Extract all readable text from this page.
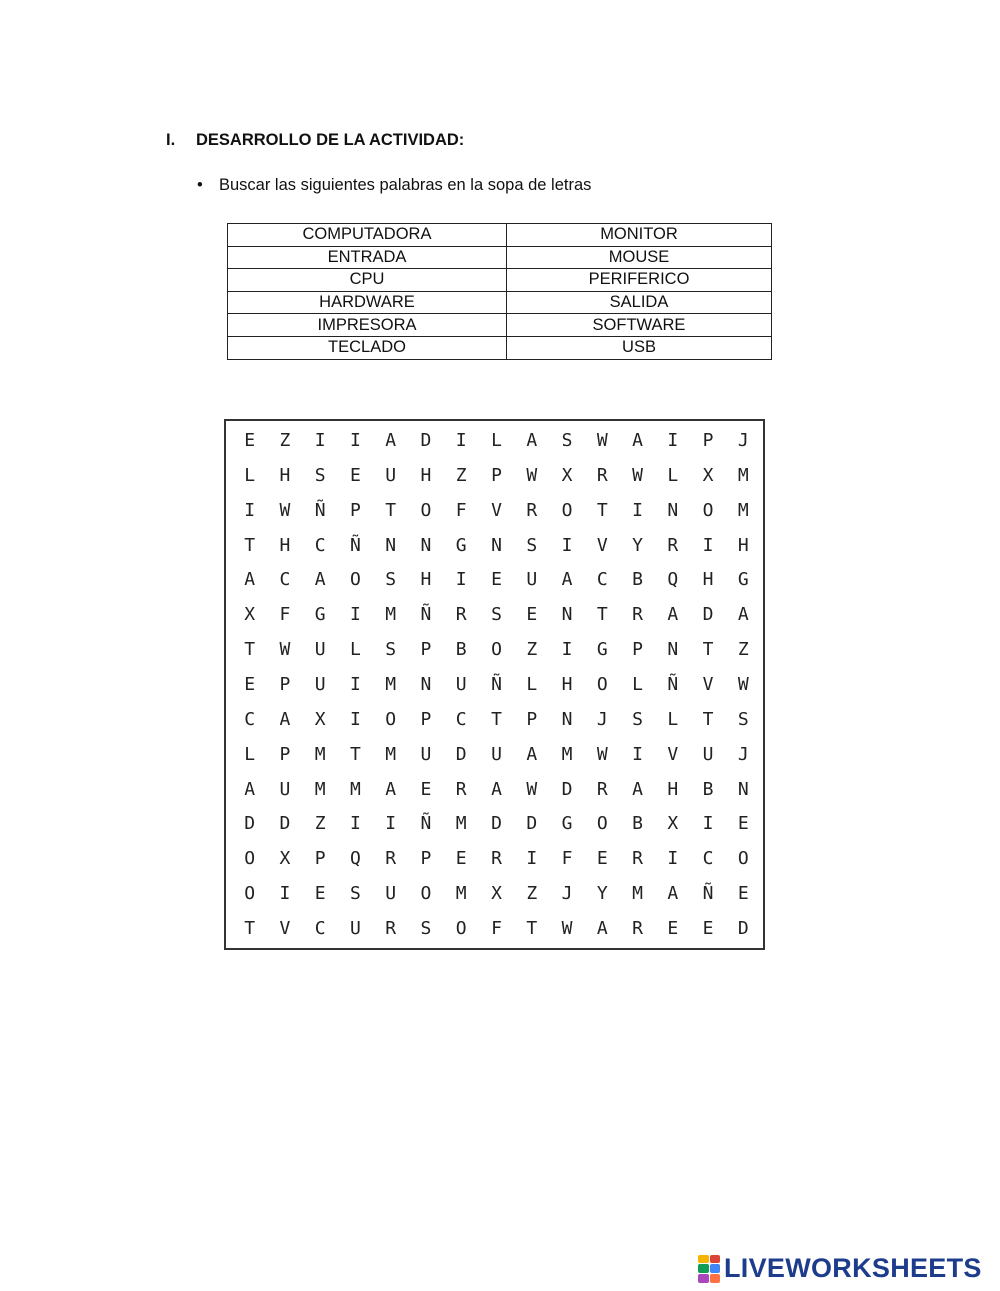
I. DESARROLLO DE LA ACTIVIDAD:
• Buscar las siguientes palabras en la sopa de letras
COMPUTADORA	MONITOR
ENTRADA	MOUSE
CPU	PERIFERICO
HARDWARE	SALIDA
IMPRESORA	SOFTWARE
TECLADO	USB
E	Z	I	I	A	D	I	L	A	S	W	A	I	P	J
L	H	S	E	U	H	Z	P	W	X	R	W	L	X	M
I	W	Ñ	P	T	O	F	V	R	O	T	I	N	O	M
T	H	C	Ñ	N	N	G	N	S	I	V	Y	R	I	H
A	C	A	O	S	H	I	E	U	A	C	B	Q	H	G
X	F	G	I	M	Ñ	R	S	E	N	T	R	A	D	A
T	W	U	L	S	P	B	O	Z	I	G	P	N	T	Z
E	P	U	I	M	N	U	Ñ	L	H	O	L	Ñ	V	W
C	A	X	I	O	P	C	T	P	N	J	S	L	T	S
L	P	M	T	M	U	D	U	A	M	W	I	V	U	J
A	U	M	M	A	E	R	A	W	D	R	A	H	B	N
D	D	Z	I	I	Ñ	M	D	D	G	O	B	X	I	E
O	X	P	Q	R	P	E	R	I	F	E	R	I	C	O
O	I	E	S	U	O	M	X	Z	J	Y	M	A	Ñ	E
T	V	C	U	R	S	O	F	T	W	A	R	E	E	D
LIVEWORKSHEETS
